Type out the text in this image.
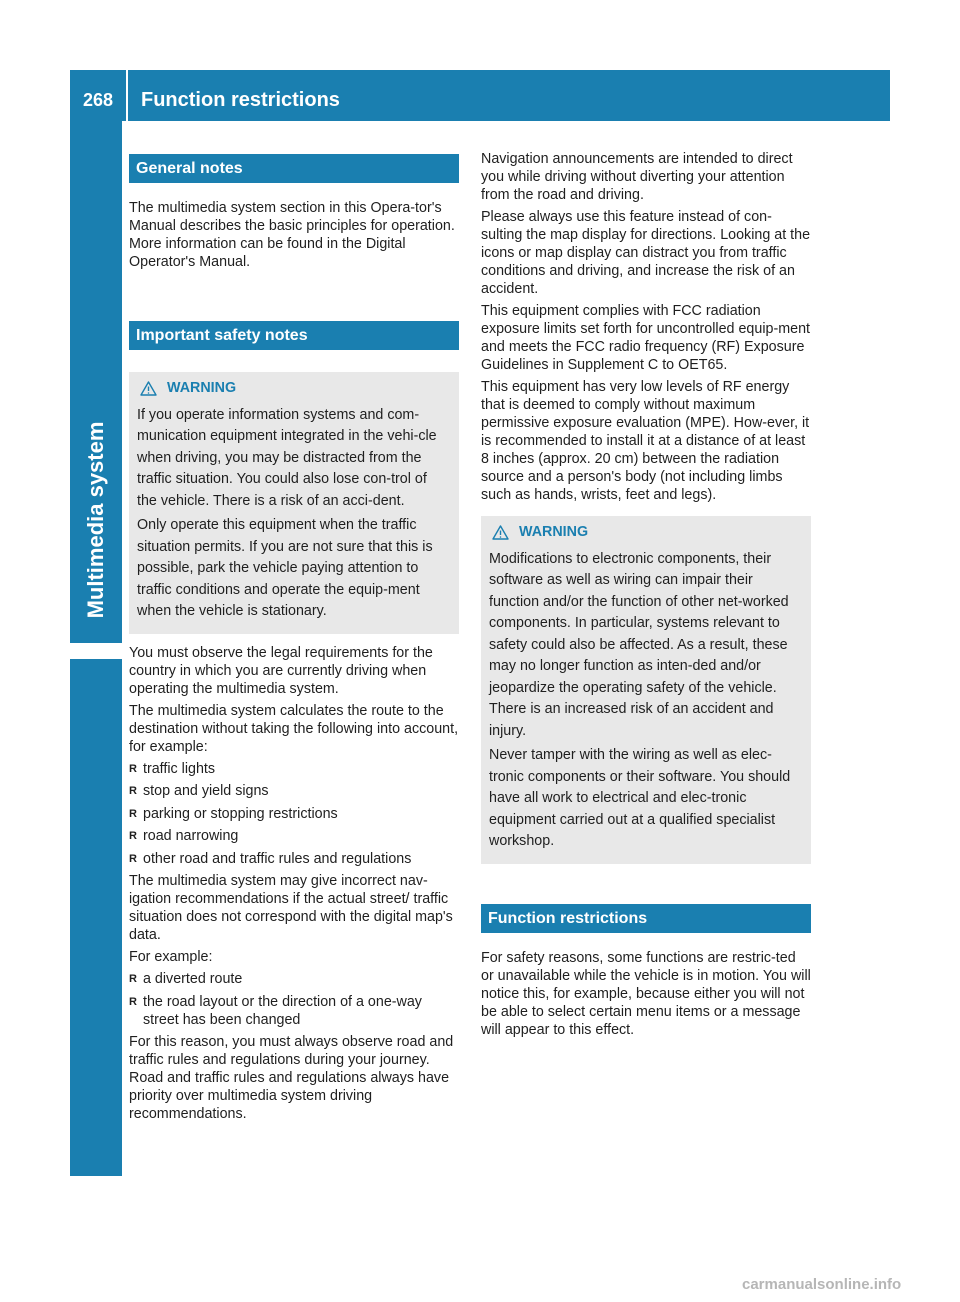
268	Function restrictions
Multimedia system
General notes

The multimedia system section in this Opera-tor's Manual describes the basic principles for operation. More information can be found in the Digital Operator's Manual.

Important safety notes
WARNING

If you operate information systems and com-munication equipment integrated in the vehi-cle when driving, you may be distracted from the traffic situation. You could also lose con-trol of the vehicle. There is a risk of an acci-dent.

Only operate this equipment when the traffic situation permits. If you are not sure that this is possible, park the vehicle paying attention to traffic conditions and operate the equip-ment when the vehicle is stationary.

You must observe the legal requirements for the country in which you are currently driving when operating the multimedia system.

The multimedia system calculates the route to the destination without taking the following into account, for example:

R traffic lights
R stop and yield signs
R parking or stopping restrictions
R road narrowing
R other road and traffic rules and regulations

The multimedia system may give incorrect nav-igation recommendations if the actual street/ traffic situation does not correspond with the digital map's data.

For example:

R a diverted route
R the road layout or the direction of a one-way street has been changed

For this reason, you must always observe road and traffic rules and regulations during your journey. Road and traffic rules and regulations always have priority over multimedia system driving recommendations.

Navigation announcements are intended to direct you while driving without diverting your attention from the road and driving.

Please always use this feature instead of con-sulting the map display for directions. Looking at the icons or map display can distract you from traffic conditions and driving, and increase the risk of an accident.

This equipment complies with FCC radiation exposure limits set forth for uncontrolled equip-ment and meets the FCC radio frequency (RF) Exposure Guidelines in Supplement C to OET65.

This equipment has very low levels of RF energy that is deemed to comply without maximum permissive exposure evaluation (MPE). How-ever, it is recommended to install it at a distance of at least 8 inches (approx. 20 cm) between the radiation source and a person's body (not including limbs such as hands, wrists, feet and legs).

WARNING

Modifications to electronic components, their software as well as wiring can impair their function and/or the function of other net-worked components. In particular, systems relevant to safety could also be affected. As a result, these may no longer function as inten-ded and/or jeopardize the operating safety of the vehicle. There is an increased risk of an accident and injury.

Never tamper with the wiring as well as elec-tronic components or their software. You should have all work to electrical and elec-tronic equipment carried out at a qualified specialist workshop.

Function restrictions

For safety reasons, some functions are restric-ted or unavailable while the vehicle is in motion. You will notice this, for example, because either you will not be able to select certain menu items or a message will appear to this effect.

carmanualsonline.info
